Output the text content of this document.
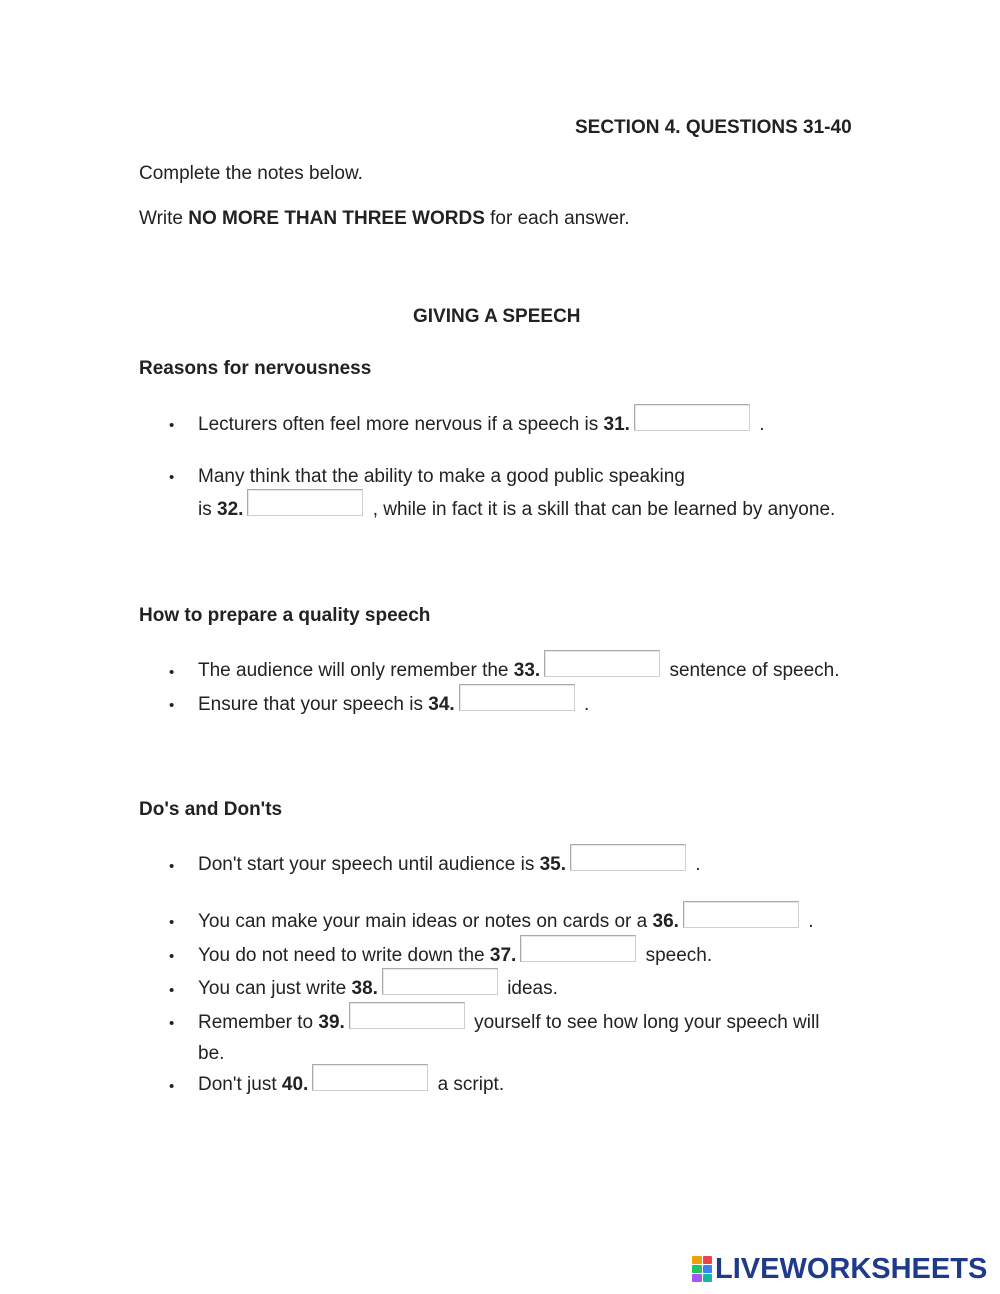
SECTION 4. QUESTIONS 31-40
Complete the notes below.
Write NO MORE THAN THREE WORDS for each answer.
GIVING A SPEECH
Reasons for nervousness
• Lecturers often feel more nervous if a speech is 31.	.
• Many think that the ability to make a good public speaking
is 32.	, while in fact it is a skill that can be learned by anyone.
How to prepare a quality speech
• The audience will only remember the 33.	sentence of speech.
• Ensure that your speech is 34.	.
Do's and Don'ts
• Don't start your speech until audience is 35.	.
• You can make your main ideas or notes on cards or a 36.	.
• You do not need to write down the 37.	speech.
• You can just write 38.	ideas.
• Remember to 39.	yourself to see how long your speech will
be.
• Don't just 40.	a script.
LIVEWORKSHEETS
